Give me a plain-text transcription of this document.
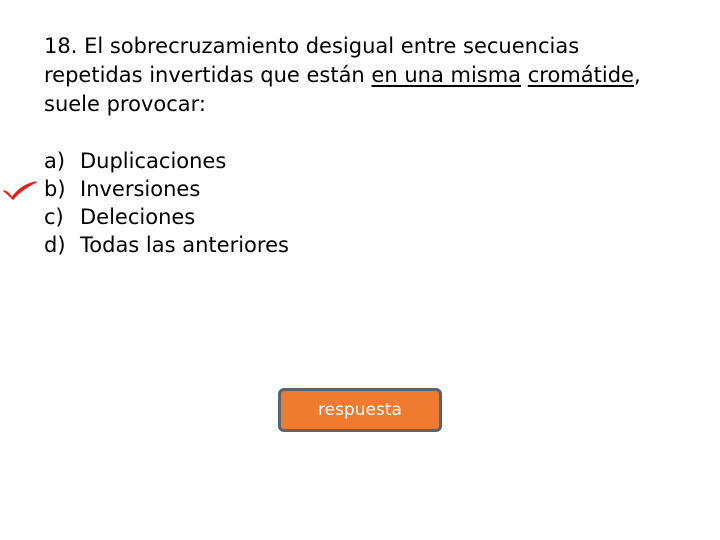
18. El sobrecruzamiento desigual entre secuencias repetidas invertidas que están en una misma cromátide, suele provocar:

a) Duplicaciones
b) Inversiones
c) Deleciones
d) Todas las anteriores
respuesta
